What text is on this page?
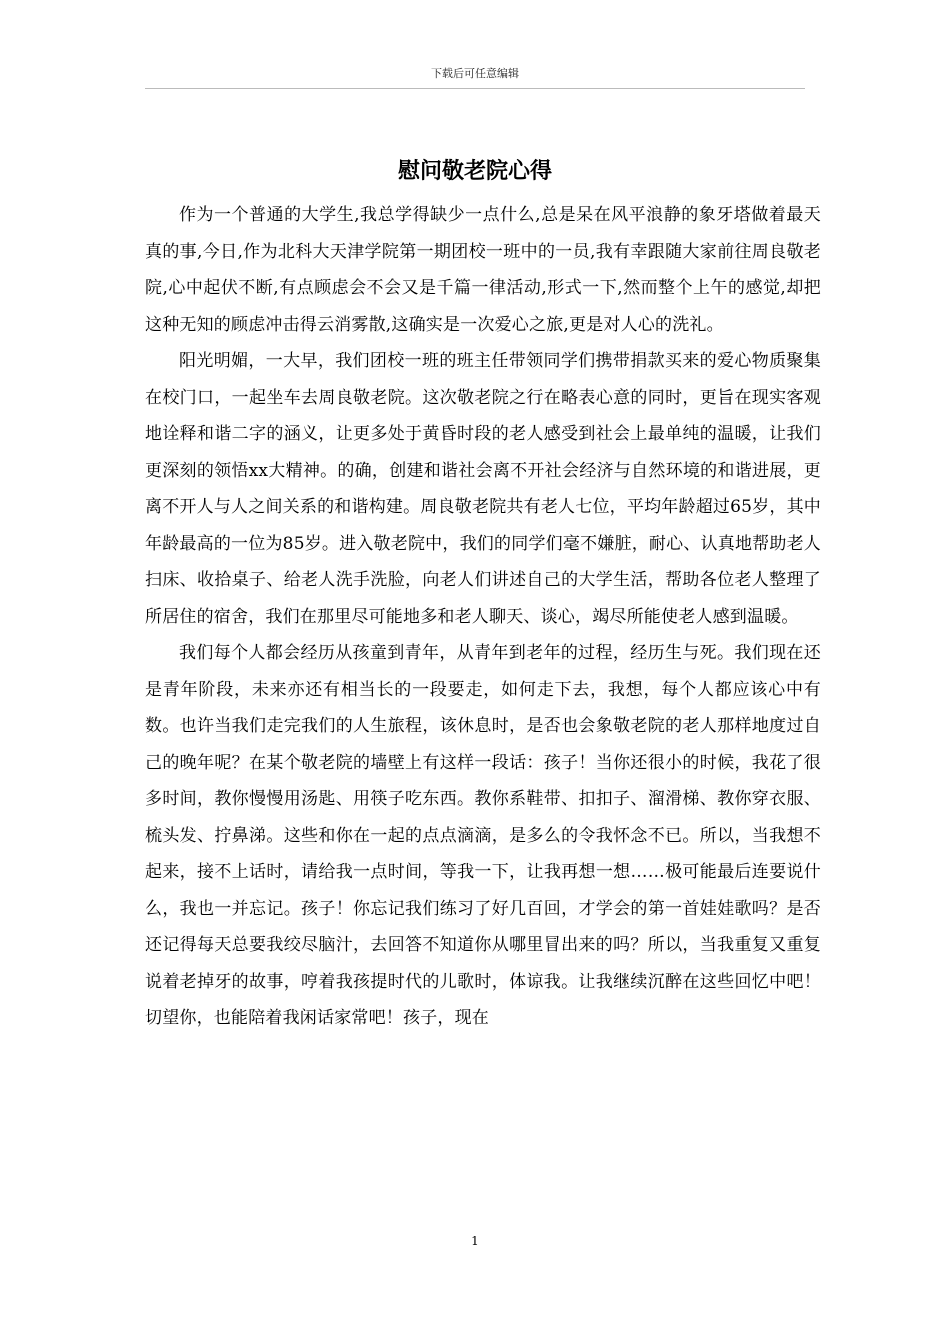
下载后可任意编辑
慰问敬老院心得

作为一个普通的大学生,我总学得缺少一点什么,总是呆在风平浪静的象牙塔做着最天真的事,今日,作为北科大天津学院第一期团校一班中的一员,我有幸跟随大家前往周良敬老院,心中起伏不断,有点顾虑会不会又是千篇一律活动,形式一下,然而整个上午的感觉,却把这种无知的顾虑冲击得云消雾散,这确实是一次爱心之旅,更是对人心的洗礼。

阳光明媚，一大早，我们团校一班的班主任带领同学们携带捐款买来的爱心物质聚集在校门口，一起坐车去周良敬老院。这次敬老院之行在略表心意的同时，更旨在现实客观地诠释和谐二字的涵义，让更多处于黄昏时段的老人感受到社会上最单纯的温暖，让我们更深刻的领悟xx大精神。的确，创建和谐社会离不开社会经济与自然环境的和谐进展，更离不开人与人之间关系的和谐构建。周良敬老院共有老人七位，平均年龄超过65岁，其中年龄最高的一位为85岁。进入敬老院中，我们的同学们毫不嫌脏，耐心、认真地帮助老人扫床、收拾桌子、给老人洗手洗脸，向老人们讲述自己的大学生活，帮助各位老人整理了所居住的宿舍，我们在那里尽可能地多和老人聊天、谈心，竭尽所能使老人感到温暖。

我们每个人都会经历从孩童到青年，从青年到老年的过程，经历生与死。我们现在还是青年阶段，未来亦还有相当长的一段要走，如何走下去，我想，每个人都应该心中有数。也许当我们走完我们的人生旅程，该休息时，是否也会象敬老院的老人那样地度过自己的晚年呢？在某个敬老院的墙壁上有这样一段话：孩子！当你还很小的时候，我花了很多时间，教你慢慢用汤匙、用筷子吃东西。教你系鞋带、扣扣子、溜滑梯、教你穿衣服、梳头发、拧鼻涕。这些和你在一起的点点滴滴，是多么的令我怀念不已。所以，当我想不起来，接不上话时，请给我一点时间，等我一下，让我再想一想……极可能最后连要说什么，我也一并忘记。孩子！你忘记我们练习了好几百回，才学会的第一首娃娃歌吗？是否还记得每天总要我绞尽脑汁，去回答不知道你从哪里冒出来的吗？所以，当我重复又重复说着老掉牙的故事，哼着我孩提时代的儿歌时，体谅我。让我继续沉醉在这些回忆中吧！切望你，也能陪着我闲话家常吧！孩子，现在

1
